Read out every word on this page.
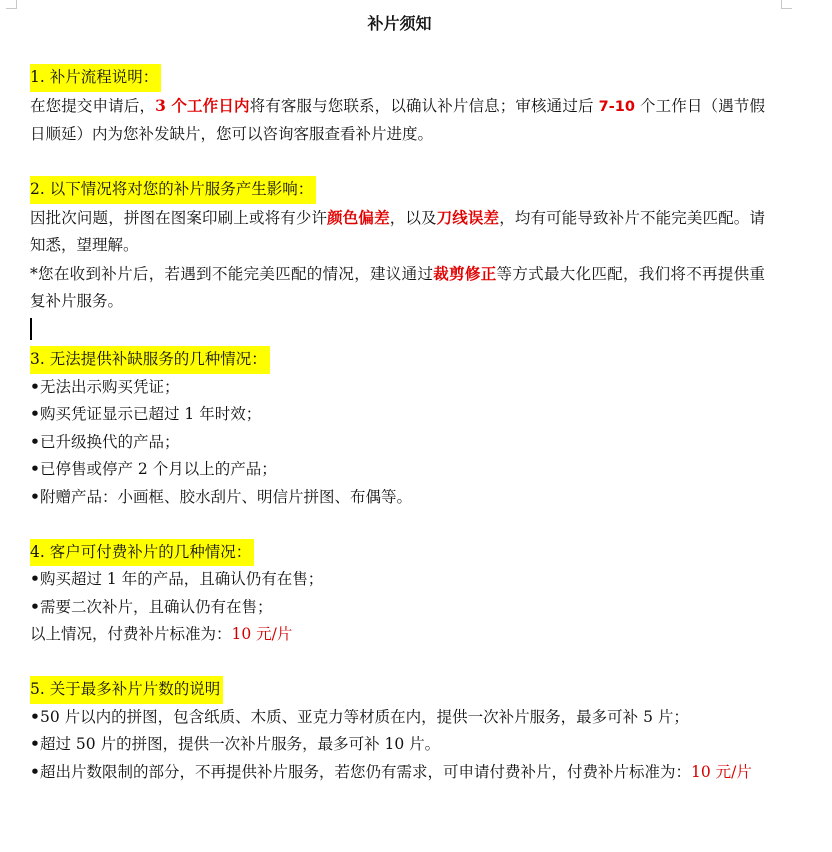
补片须知
1. 补片流程说明：

在您提交申请后，3 个工作日内将有客服与您联系，以确认补片信息；审核通过后 7-10 个工作日（遇节假日顺延）内为您补发缺片，您可以咨询客服查看补片进度。

2. 以下情况将对您的补片服务产生影响：

因批次问题，拼图在图案印刷上或将有少许颜色偏差，以及刀线误差，均有可能导致补片不能完美匹配。请知悉，望理解。

*您在收到补片后，若遇到不能完美匹配的情况，建议通过裁剪修正等方式最大化匹配，我们将不再提供重复补片服务。

3. 无法提供补缺服务的几种情况：
•无法出示购买凭证；
•购买凭证显示已超过 1 年时效；
•已升级换代的产品；
•已停售或停产 2 个月以上的产品；
•附赠产品：小画框、胶水刮片、明信片拼图、布偶等。
4. 客户可付费补片的几种情况：
•购买超过 1 年的产品，且确认仍有在售；
•需要二次补片，且确认仍有在售；
以上情况，付费补片标准为：10 元/片
5. 关于最多补片片数的说明

•50 片以内的拼图，包含纸质、木质、亚克力等材质在内，提供一次补片服务，最多可补 5 片；

•超过 50 片的拼图，提供一次补片服务，最多可补 10 片。

•超出片数限制的部分，不再提供补片服务，若您仍有需求，可申请付费补片，付费补片标准为：10 元/片
